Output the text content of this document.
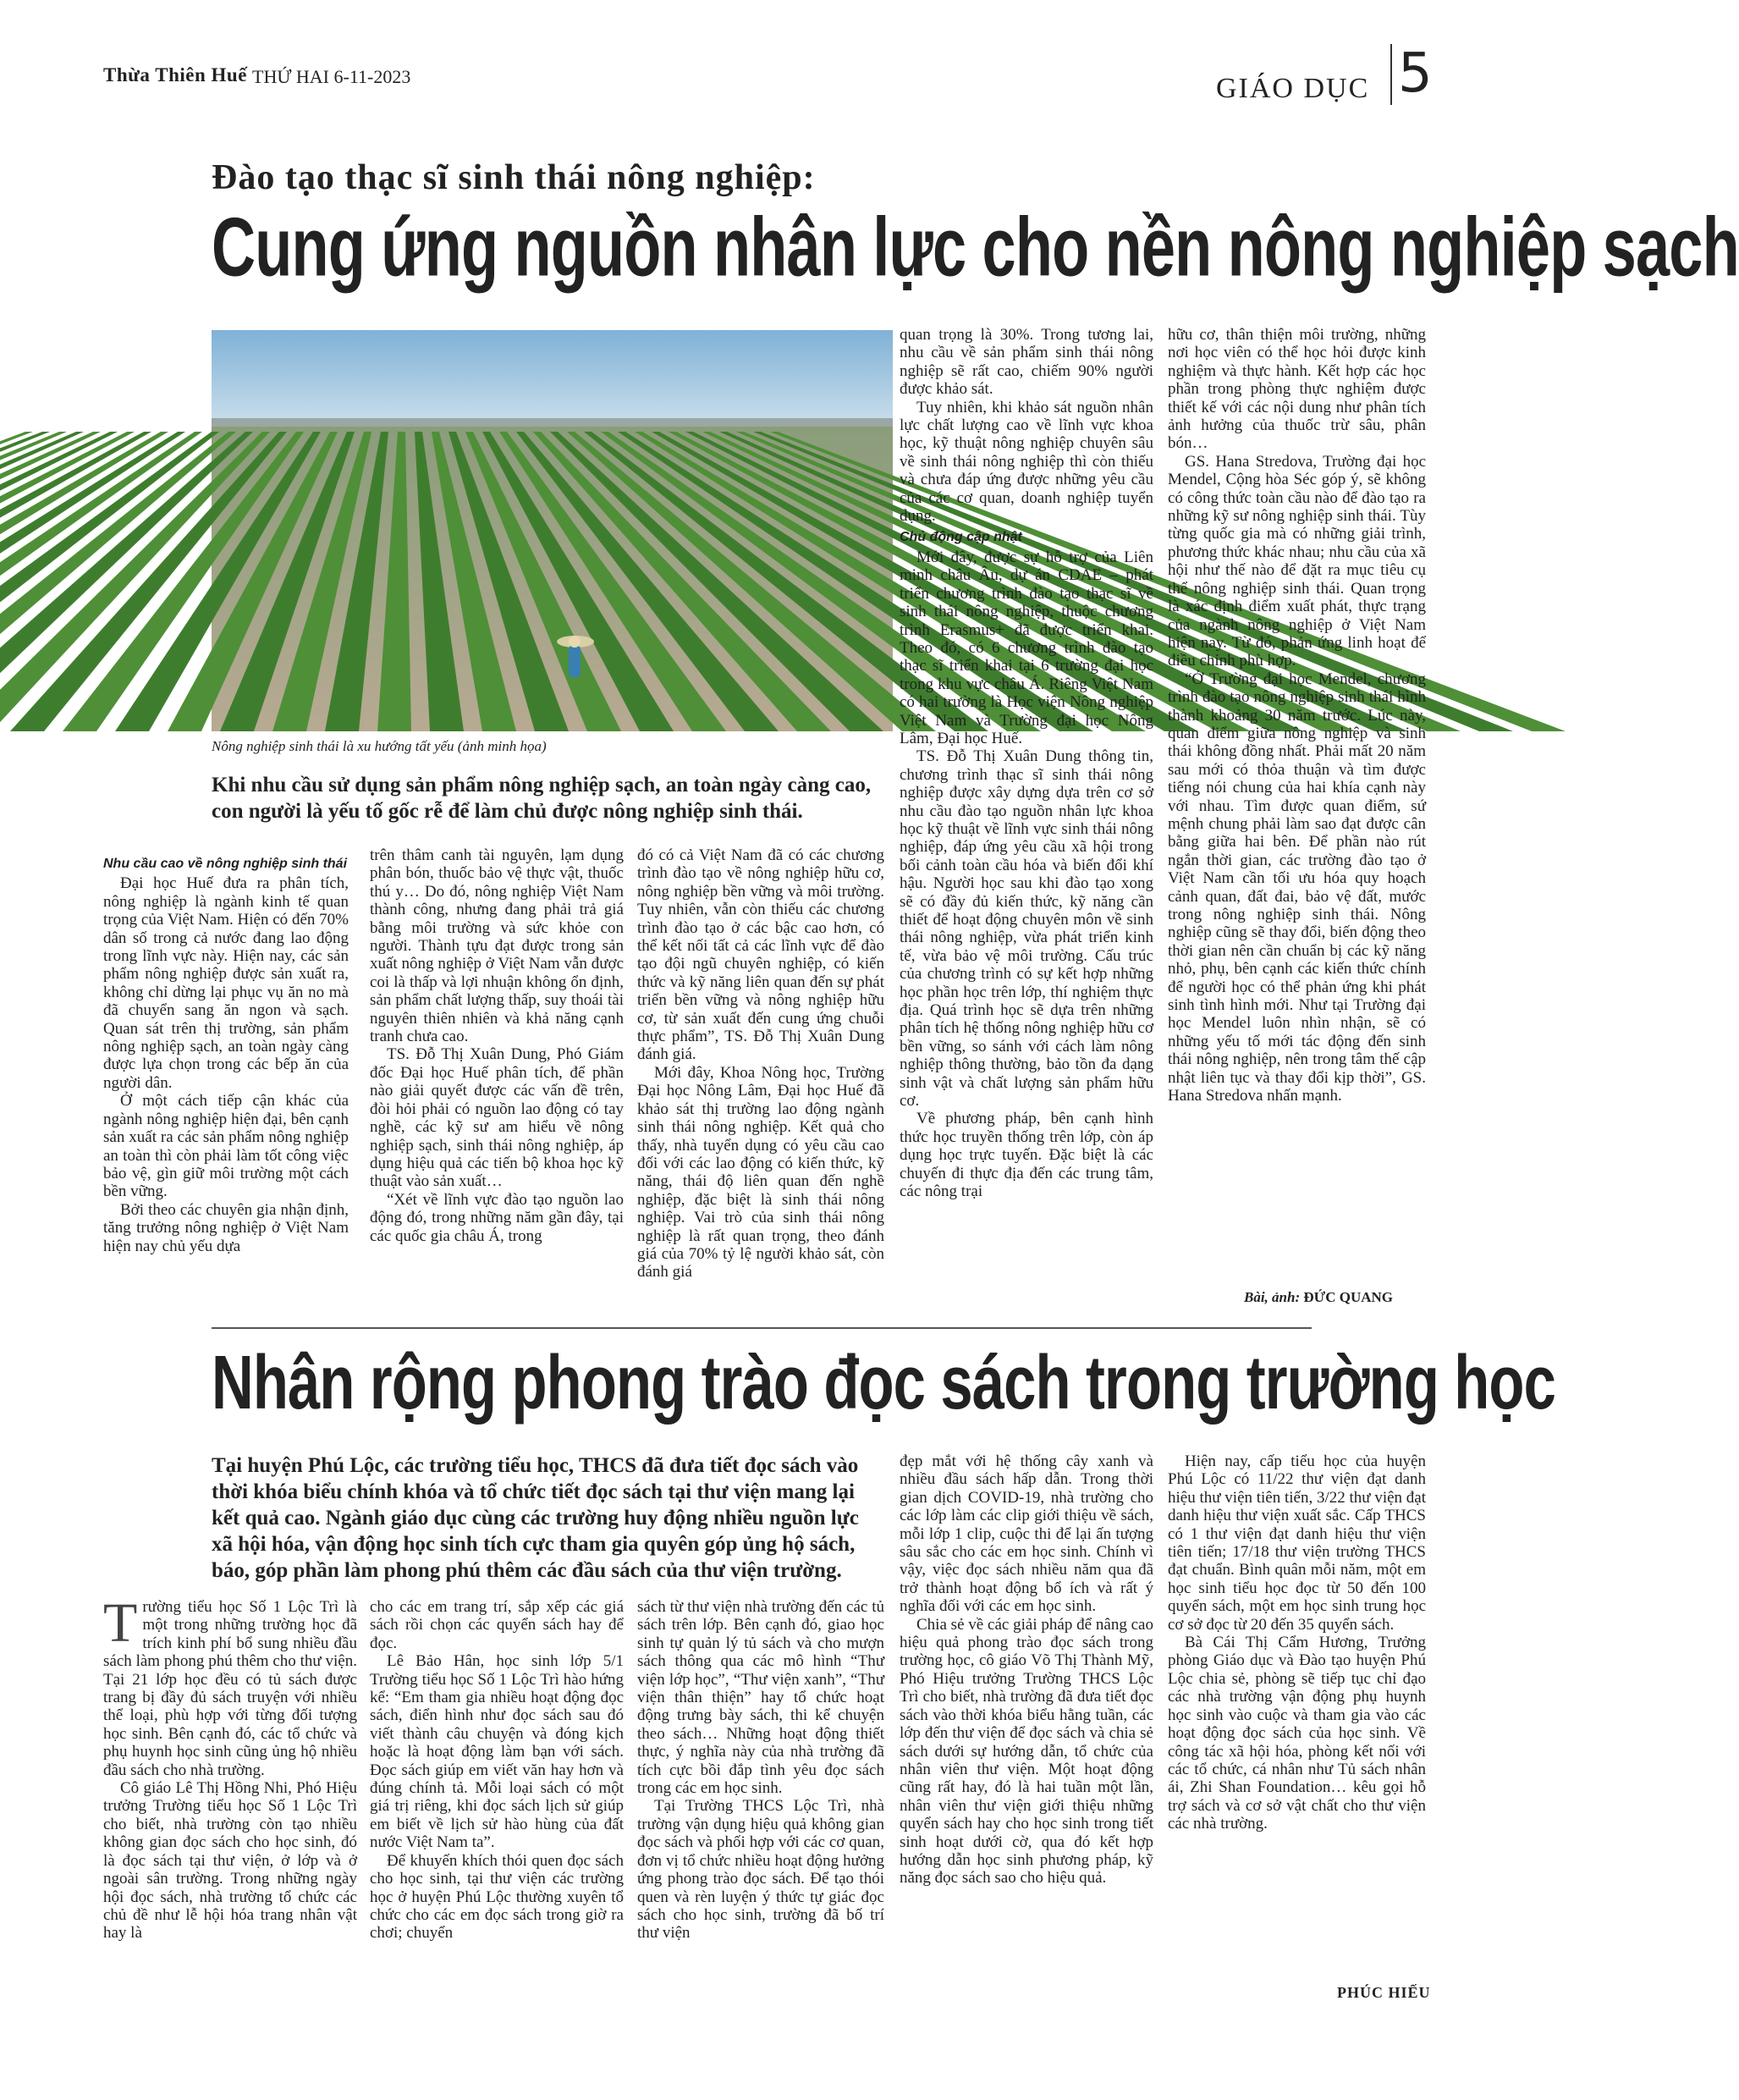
Thừa Thiên Huế THỨ HAI 6-11-2023	GIÁO DỤC 5
Đào tạo thạc sĩ sinh thái nông nghiệp:
Cung ứng nguồn nhân lực cho nền nông nghiệp sạch
Nông nghiệp sinh thái là xu hướng tất yếu (ảnh minh họa)
Khi nhu cầu sử dụng sản phẩm nông nghiệp sạch, an toàn ngày càng cao, con người là yếu tố gốc rễ để làm chủ được nông nghiệp sinh thái.

Nhu cầu cao về nông nghiệp sinh thái

Đại học Huế đưa ra phân tích, nông nghiệp là ngành kinh tế quan trọng của Việt Nam. Hiện có đến 70% dân số trong cả nước đang lao động trong lĩnh vực này. Hiện nay, các sản phẩm nông nghiệp được sản xuất ra, không chỉ dừng lại phục vụ ăn no mà đã chuyển sang ăn ngon và sạch. Quan sát trên thị trường, sản phẩm nông nghiệp sạch, an toàn ngày càng được lựa chọn trong các bếp ăn của người dân.

Ở một cách tiếp cận khác của ngành nông nghiệp hiện đại, bên cạnh sản xuất ra các sản phẩm nông nghiệp an toàn thì còn phải làm tốt công việc bảo vệ, gìn giữ môi trường một cách bền vững.

Bởi theo các chuyên gia nhận định, tăng trưởng nông nghiệp ở Việt Nam hiện nay chủ yếu dựa

trên thâm canh tài nguyên, lạm dụng phân bón, thuốc bảo vệ thực vật, thuốc thú y… Do đó, nông nghiệp Việt Nam thành công, nhưng đang phải trả giá bằng môi trường và sức khỏe con người. Thành tựu đạt được trong sản xuất nông nghiệp ở Việt Nam vẫn được coi là thấp và lợi nhuận không ổn định, sản phẩm chất lượng thấp, suy thoái tài nguyên thiên nhiên và khả năng cạnh tranh chưa cao.

TS. Đỗ Thị Xuân Dung, Phó Giám đốc Đại học Huế phân tích, để phần nào giải quyết được các vấn đề trên, đòi hỏi phải có nguồn lao động có tay nghề, các kỹ sư am hiểu về nông nghiệp sạch, sinh thái nông nghiệp, áp dụng hiệu quả các tiến bộ khoa học kỹ thuật vào sản xuất…

“Xét về lĩnh vực đào tạo nguồn lao động đó, trong những năm gần đây, tại các quốc gia châu Á, trong

đó có cả Việt Nam đã có các chương trình đào tạo về nông nghiệp hữu cơ, nông nghiệp bền vững và môi trường. Tuy nhiên, vẫn còn thiếu các chương trình đào tạo ở các bậc cao hơn, có thể kết nối tất cả các lĩnh vực để đào tạo đội ngũ chuyên nghiệp, có kiến thức và kỹ năng liên quan đến sự phát triển bền vững và nông nghiệp hữu cơ, từ sản xuất đến cung ứng chuỗi thực phẩm”, TS. Đỗ Thị Xuân Dung đánh giá.

Mới đây, Khoa Nông học, Trường Đại học Nông Lâm, Đại học Huế đã khảo sát thị trường lao động ngành sinh thái nông nghiệp. Kết quả cho thấy, nhà tuyển dụng có yêu cầu cao đối với các lao động có kiến thức, kỹ năng, thái độ liên quan đến nghề nghiệp, đặc biệt là sinh thái nông nghiệp. Vai trò của sinh thái nông nghiệp là rất quan trọng, theo đánh giá của 70% tỷ lệ người khảo sát, còn đánh giá

quan trọng là 30%. Trong tương lai, nhu cầu về sản phẩm sinh thái nông nghiệp sẽ rất cao, chiếm 90% người được khảo sát.

Tuy nhiên, khi khảo sát nguồn nhân lực chất lượng cao về lĩnh vực khoa học, kỹ thuật nông nghiệp chuyên sâu về sinh thái nông nghiệp thì còn thiếu và chưa đáp ứng được những yêu cầu của các cơ quan, doanh nghiệp tuyển dụng.

Chủ động cập nhật

Mới đây, được sự hỗ trợ của Liên minh châu Âu, dự án CDAE – phát triển chương trình đào tạo thạc sĩ về sinh thái nông nghiệp, thuộc chương trình Erasmus+ đã được triển khai. Theo đó, có 6 chương trình đào tạo thạc sĩ triển khai tại 6 trường đại học trong khu vực châu Á. Riêng Việt Nam có hai trường là Học viện Nông nghiệp Việt Nam và Trường đại học Nông Lâm, Đại học Huế.

TS. Đỗ Thị Xuân Dung thông tin, chương trình thạc sĩ sinh thái nông nghiệp được xây dựng dựa trên cơ sở nhu cầu đào tạo nguồn nhân lực khoa học kỹ thuật về lĩnh vực sinh thái nông nghiệp, đáp ứng yêu cầu xã hội trong bối cảnh toàn cầu hóa và biến đổi khí hậu. Người học sau khi đào tạo xong sẽ có đầy đủ kiến thức, kỹ năng cần thiết để hoạt động chuyên môn về sinh thái nông nghiệp, vừa phát triển kinh tế, vừa bảo vệ môi trường. Cấu trúc của chương trình có sự kết hợp những học phần học trên lớp, thí nghiệm thực địa. Quá trình học sẽ dựa trên những phân tích hệ thống nông nghiệp hữu cơ bền vững, so sánh với cách làm nông nghiệp thông thường, bảo tồn đa dạng sinh vật và chất lượng sản phẩm hữu cơ.

Về phương pháp, bên cạnh hình thức học truyền thống trên lớp, còn áp dụng học trực tuyến. Đặc biệt là các chuyến đi thực địa đến các trung tâm, các nông trại

hữu cơ, thân thiện môi trường, những nơi học viên có thể học hỏi được kinh nghiệm và thực hành. Kết hợp các học phần trong phòng thực nghiệm được thiết kế với các nội dung như phân tích ảnh hưởng của thuốc trừ sâu, phân bón…

GS. Hana Stredova, Trường đại học Mendel, Cộng hòa Séc góp ý, sẽ không có công thức toàn cầu nào để đào tạo ra những kỹ sư nông nghiệp sinh thái. Tùy từng quốc gia mà có những giải trình, phương thức khác nhau; nhu cầu của xã hội như thế nào để đặt ra mục tiêu cụ thể nông nghiệp sinh thái. Quan trọng là xác định điểm xuất phát, thực trạng của ngành nông nghiệp ở Việt Nam hiện nay. Từ đó, phản ứng linh hoạt để điều chỉnh phù hợp.

“Ở Trường đại học Mendel, chương trình đào tạo nông nghiệp sinh thái hình thành khoảng 30 năm trước. Lúc này, quan điểm giữa nông nghiệp và sinh thái không đồng nhất. Phải mất 20 năm sau mới có thỏa thuận và tìm được tiếng nói chung của hai khía cạnh này với nhau. Tìm được quan điểm, sứ mệnh chung phải làm sao đạt được cân bằng giữa hai bên. Để phần nào rút ngắn thời gian, các trường đào tạo ở Việt Nam cần tối ưu hóa quy hoạch cảnh quan, đất đai, bảo vệ đất, mước trong nông nghiệp sinh thái. Nông nghiệp cũng sẽ thay đổi, biến động theo thời gian nên cần chuẩn bị các kỹ năng nhỏ, phụ, bên cạnh các kiến thức chính để người học có thể phản ứng khi phát sinh tình hình mới. Như tại Trường đại học Mendel luôn nhìn nhận, sẽ có những yếu tố mới tác động đến sinh thái nông nghiệp, nên trong tâm thế cập nhật liên tục và thay đổi kịp thời”, GS. Hana Stredova nhấn mạnh.

Bài, ảnh: ĐỨC QUANG
Nhân rộng phong trào đọc sách trong trường học
Tại huyện Phú Lộc, các trường tiểu học, THCS đã đưa tiết đọc sách vào thời khóa biểu chính khóa và tổ chức tiết đọc sách tại thư viện mang lại kết quả cao. Ngành giáo dục cùng các trường huy động nhiều nguồn lực xã hội hóa, vận động học sinh tích cực tham gia quyên góp ủng hộ sách, báo, góp phần làm phong phú thêm các đầu sách của thư viện trường.

Trường tiểu học Số 1 Lộc Trì là một trong những trường học đã trích kinh phí bổ sung nhiều đầu sách làm phong phú thêm cho thư viện. Tại 21 lớp học đều có tủ sách được trang bị đầy đủ sách truyện với nhiều thể loại, phù hợp với từng đối tượng học sinh. Bên cạnh đó, các tổ chức và phụ huynh học sinh cũng ủng hộ nhiều đầu sách cho nhà trường.

Cô giáo Lê Thị Hồng Nhi, Phó Hiệu trưởng Trường tiểu học Số 1 Lộc Trì cho biết, nhà trường còn tạo nhiều không gian đọc sách cho học sinh, đó là đọc sách tại thư viện, ở lớp và ở ngoài sân trường. Trong những ngày hội đọc sách, nhà trường tổ chức các chủ đề như lễ hội hóa trang nhân vật hay là

cho các em trang trí, sắp xếp các giá sách rồi chọn các quyển sách hay để đọc.

Lê Bảo Hân, học sinh lớp 5/1 Trường tiểu học Số 1 Lộc Trì hào hứng kể: “Em tham gia nhiều hoạt động đọc sách, điển hình như đọc sách sau đó viết thành câu chuyện và đóng kịch hoặc là hoạt động làm bạn với sách. Đọc sách giúp em viết văn hay hơn và đúng chính tả. Mỗi loại sách có một giá trị riêng, khi đọc sách lịch sử giúp em biết về lịch sử hào hùng của đất nước Việt Nam ta”.

Để khuyến khích thói quen đọc sách cho học sinh, tại thư viện các trường học ở huyện Phú Lộc thường xuyên tổ chức cho các em đọc sách trong giờ ra chơi; chuyển

sách từ thư viện nhà trường đến các tủ sách trên lớp. Bên cạnh đó, giao học sinh tự quản lý tủ sách và cho mượn sách thông qua các mô hình “Thư viện lớp học”, “Thư viện xanh”, “Thư viện thân thiện” hay tổ chức hoạt động trưng bày sách, thi kể chuyện theo sách… Những hoạt động thiết thực, ý nghĩa này của nhà trường đã tích cực bồi đắp tình yêu đọc sách trong các em học sinh.

Tại Trường THCS Lộc Trì, nhà trường vận dụng hiệu quả không gian đọc sách và phối hợp với các cơ quan, đơn vị tổ chức nhiều hoạt động hưởng ứng phong trào đọc sách. Để tạo thói quen và rèn luyện ý thức tự giác đọc sách cho học sinh, trường đã bố trí thư viện

đẹp mắt với hệ thống cây xanh và nhiều đầu sách hấp dẫn. Trong thời gian dịch COVID-19, nhà trường cho các lớp làm các clip giới thiệu về sách, mỗi lớp 1 clip, cuộc thi để lại ấn tượng sâu sắc cho các em học sinh. Chính vì vậy, việc đọc sách nhiều năm qua đã trở thành hoạt động bổ ích và rất ý nghĩa đối với các em học sinh.

Chia sẻ về các giải pháp để nâng cao hiệu quả phong trào đọc sách trong trường học, cô giáo Võ Thị Thành Mỹ, Phó Hiệu trưởng Trường THCS Lộc Trì cho biết, nhà trường đã đưa tiết đọc sách vào thời khóa biểu hằng tuần, các lớp đến thư viện để đọc sách và chia sẻ sách dưới sự hướng dẫn, tổ chức của nhân viên thư viện. Một hoạt động cũng rất hay, đó là hai tuần một lần, nhân viên thư viện giới thiệu những quyển sách hay cho học sinh trong tiết sinh hoạt dưới cờ, qua đó kết hợp hướng dẫn học sinh phương pháp, kỹ năng đọc sách sao cho hiệu quả.

Hiện nay, cấp tiểu học của huyện Phú Lộc có 11/22 thư viện đạt danh hiệu thư viện tiên tiến, 3/22 thư viện đạt danh hiệu thư viện xuất sắc. Cấp THCS có 1 thư viện đạt danh hiệu thư viện tiên tiến; 17/18 thư viện trường THCS đạt chuẩn. Bình quân mỗi năm, một em học sinh tiểu học đọc từ 50 đến 100 quyển sách, một em học sinh trung học cơ sở đọc từ 20 đến 35 quyển sách.

Bà Cái Thị Cẩm Hương, Trưởng phòng Giáo dục và Đào tạo huyện Phú Lộc chia sẻ, phòng sẽ tiếp tục chỉ đạo các nhà trường vận động phụ huynh học sinh vào cuộc và tham gia vào các hoạt động đọc sách của học sinh. Về công tác xã hội hóa, phòng kết nối với các tổ chức, cá nhân như Tủ sách nhân ái, Zhi Shan Foundation… kêu gọi hỗ trợ sách và cơ sở vật chất cho thư viện các nhà trường.

PHÚC HIẾU
